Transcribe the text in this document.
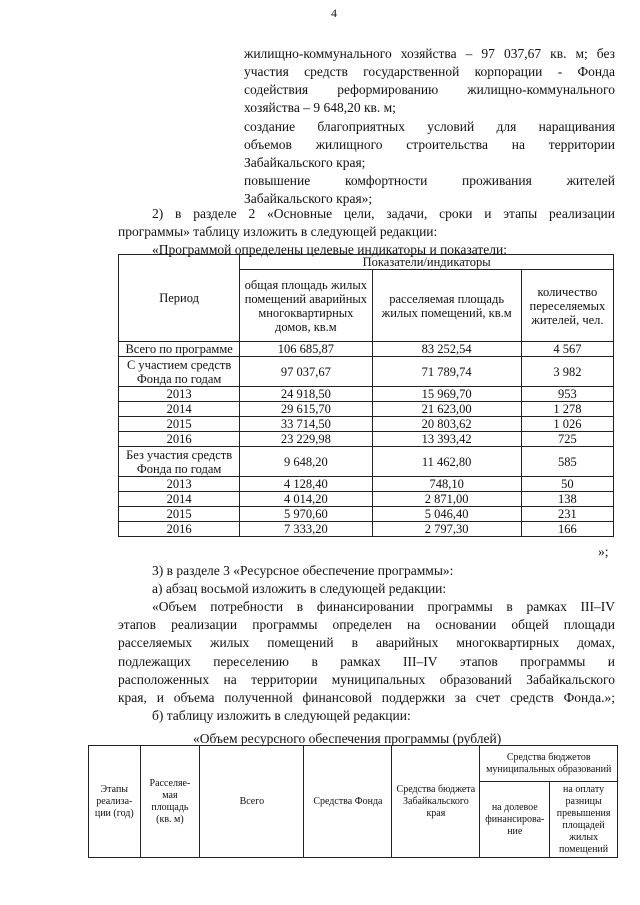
4
жилищно-коммунального хозяйства – 97 037,67 кв. м; без
участия средств государственной корпорации - Фонда
содействия реформированию жилищно-коммунального
хозяйства – 9 648,20 кв. м;
создание благоприятных условий для наращивания
объемов жилищного строительства на территории
Забайкальского края;
повышение комфортности проживания жителей
Забайкальского края»;
2) в разделе 2 «Основные цели, задачи, сроки и этапы реализации
программы» таблицу изложить в следующей редакции:
«Программой определены целевые индикаторы и показатели:
Период	Показатели/индикаторы		
	общая площадь жилых помещений аварийных многоквартирных домов, кв.м	расселяемая площадь жилых помещений, кв.м	количество переселяемых жителей, чел.
Всего по программе	106 685,87	83 252,54	4 567
С участием средств Фонда по годам	97 037,67	71 789,74	3 982
2013	24 918,50	15 969,70	953
2014	29 615,70	21 623,00	1 278
2015	33 714,50	20 803,62	1 026
2016	23 229,98	13 393,42	725
Без участия средств Фонда по годам	9 648,20	11 462,80	585
2013	4 128,40	748,10	50
2014	4 014,20	2 871,00	138
2015	5 970,60	5 046,40	231
2016	7 333,20	2 797,30	166
»;
3) в разделе 3 «Ресурсное обеспечение программы»:
а) абзац восьмой изложить в следующей редакции:
«Объем потребности в финансировании программы в рамках III–IV
этапов реализации программы определен на основании общей площади
расселяемых жилых помещений в аварийных многоквартирных домах,
подлежащих переселению в рамках III–IV этапов программы и
расположенных на территории муниципальных образований Забайкальского
края, и объема полученной финансовой поддержки за счет средств Фонда.»;
б) таблицу изложить в следующей редакции:
«Объем ресурсного обеспечения программы (рублей)
Этапы реализа-ции (год)	Расселяе-мая площадь (кв. м)	Всего	Средства Фонда	Средства бюджета Забайкальского края	Средства бюджетов муниципальных образований	
					на долевое финансирова-ние	на оплату разницы превышения площадей жилых помещений
